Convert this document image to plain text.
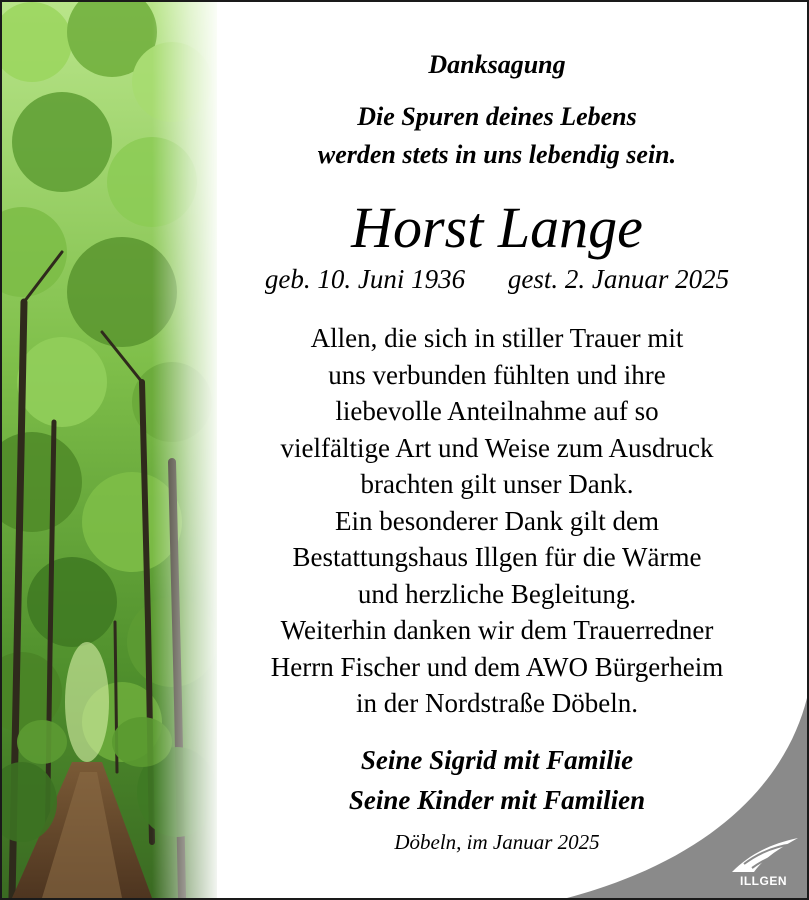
ILLGEN
Danksagung
Die Spuren deines Lebens
werden stets in uns lebendig sein.
Horst Lange
geb. 10. Juni 1936 gest. 2. Januar 2025
Allen, die sich in stiller Trauer mit
uns verbunden fühlten und ihre
liebevolle Anteilnahme auf so
vielfältige Art und Weise zum Ausdruck
brachten gilt unser Dank.
Ein besonderer Dank gilt dem
Bestattungshaus Illgen für die Wärme
und herzliche Begleitung.
Weiterhin danken wir dem Trauerredner
Herrn Fischer und dem AWO Bürgerheim
in der Nordstraße Döbeln.
Seine Sigrid mit Familie
Seine Kinder mit Familien
Döbeln, im Januar 2025
